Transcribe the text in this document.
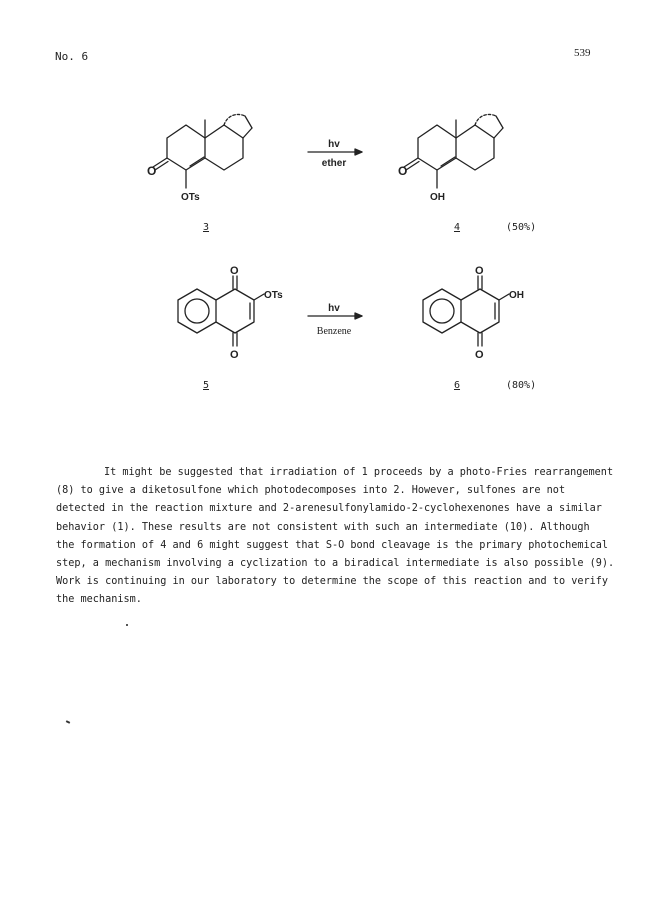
No. 6	539
O
OTs
hv
ether
O
OH
O
O
OTs
hv
Benzene
O
O
OH
3	4	(50%)
5	6	(80%)
It might be suggested that irradiation of 1 proceeds by a photo-Fries rearrangement
(8) to give a diketosulfone which photodecomposes into 2. However, sulfones are not
detected in the reaction mixture and 2-arenesulfonylamido-2-cyclohexenones have a similar
behavior (1). These results are not consistent with such an intermediate (10). Although
the formation of 4 and 6 might suggest that S-O bond cleavage is the primary photochemical
step, a mechanism involving a cyclization to a biradical intermediate is also possible (9).
Work is continuing in our laboratory to determine the scope of this reaction and to verify
the mechanism.
